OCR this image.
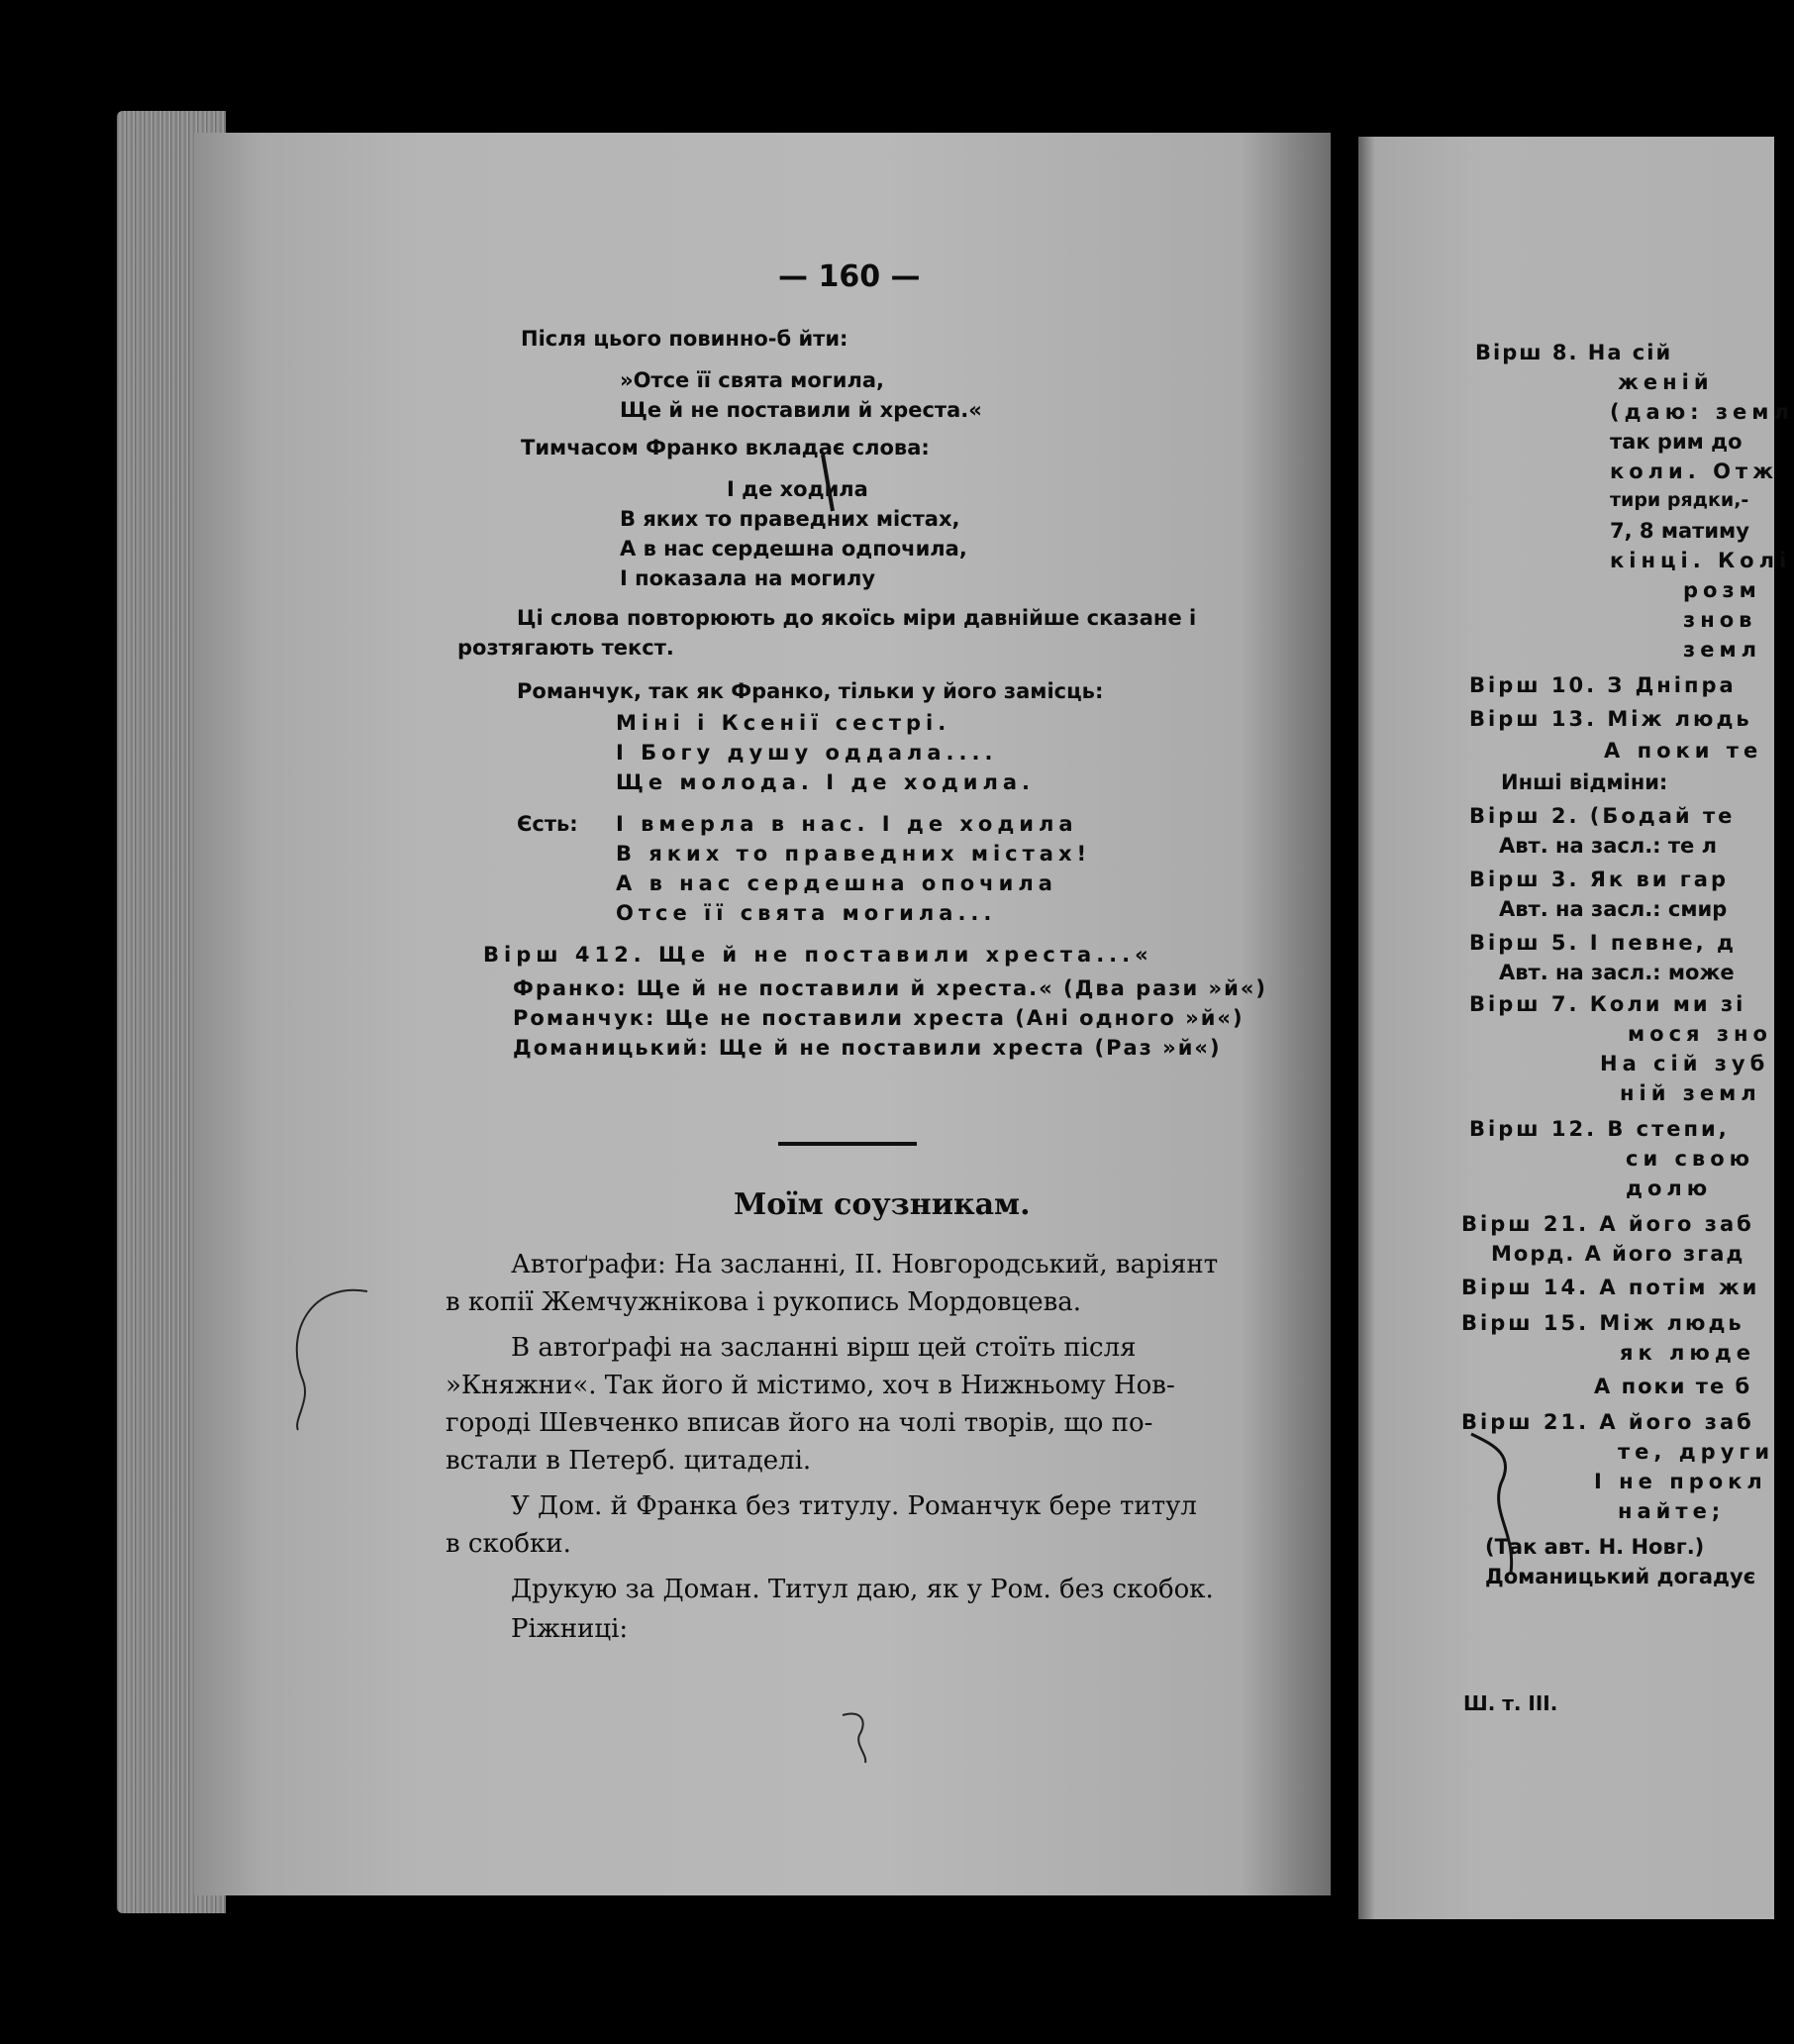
— 160 —
Після цього повинно-б йти:
»Отсе її свята могила,
Ще й не поставили й хреста.«
Тимчасом Франко вкладає слова:
І де ходила
В яких то праведних містах,
А в нас сердешна одпочила,
І показала на могилу
Ці слова повторюють до якоїсь міри давнійше сказане і
розтягають текст.
Романчук, так як Франко, тільки у його замісць:
Міні і Ксенії сестрі.
І Богу душу оддала....
Ще молода. І де ходила.
Єсть: І вмерла в нас. І де ходила
В яких то праведних містах!
А в нас сердешна опочила
Отсе її свята могила...
Вірш 412. Ще й не поставили хреста...«
Франко: Ще й не поставили й хреста.« (Два рази »й«)
Романчук: Ще не поставили хреста (Ані одного »й«)
Доманицький: Ще й не поставили хреста (Раз »й«)
Моїм соузникам.
Автоґрафи: На засланні, ІІ. Новгородський, варіянт
в копії Жемчужнікова і рукопись Мордовцева.
В автоґрафі на засланні вірш цей стоїть після
»Княжни«. Так його й містимо, хоч в Нижньому Нов-
городі Шевченко вписав його на чолі творів, що по-
встали в Петерб. цитаделі.
У Дом. й Франка без титулу. Романчук бере титул
в скобки.
Друкую за Доман. Титул даю, як у Ром. без скобок.
Ріжниці:
Вірш 8. На сій
женій
(даю: земл
так рим до
коли. Отж
тири рядки,-
7, 8 матиму
кінці. Колі
розм
знов
земл
Вірш 10. З Дніпра
Вірш 13. Між людь
А поки те
Инші відміни:
Вірш 2. (Бодай те
Авт. на засл.: те л
Вірш 3. Як ви гар
Авт. на засл.: смир
Вірш 5. І певне, д
Авт. на засл.: може
Вірш 7. Коли ми зі
мося зно
На сій зуб
ній земл
Вірш 12. В степи,
си свою
долю
Вірш 21. А його заб
Морд. А його згад
Вірш 14. А потім жи
Вірш 15. Між людь
як люде
А поки те б
Вірш 21. А його заб
те, други
І не прокл
найте;
(Так авт. Н. Новг.)
Доманицький догадує
Ш. т. ІІІ.
